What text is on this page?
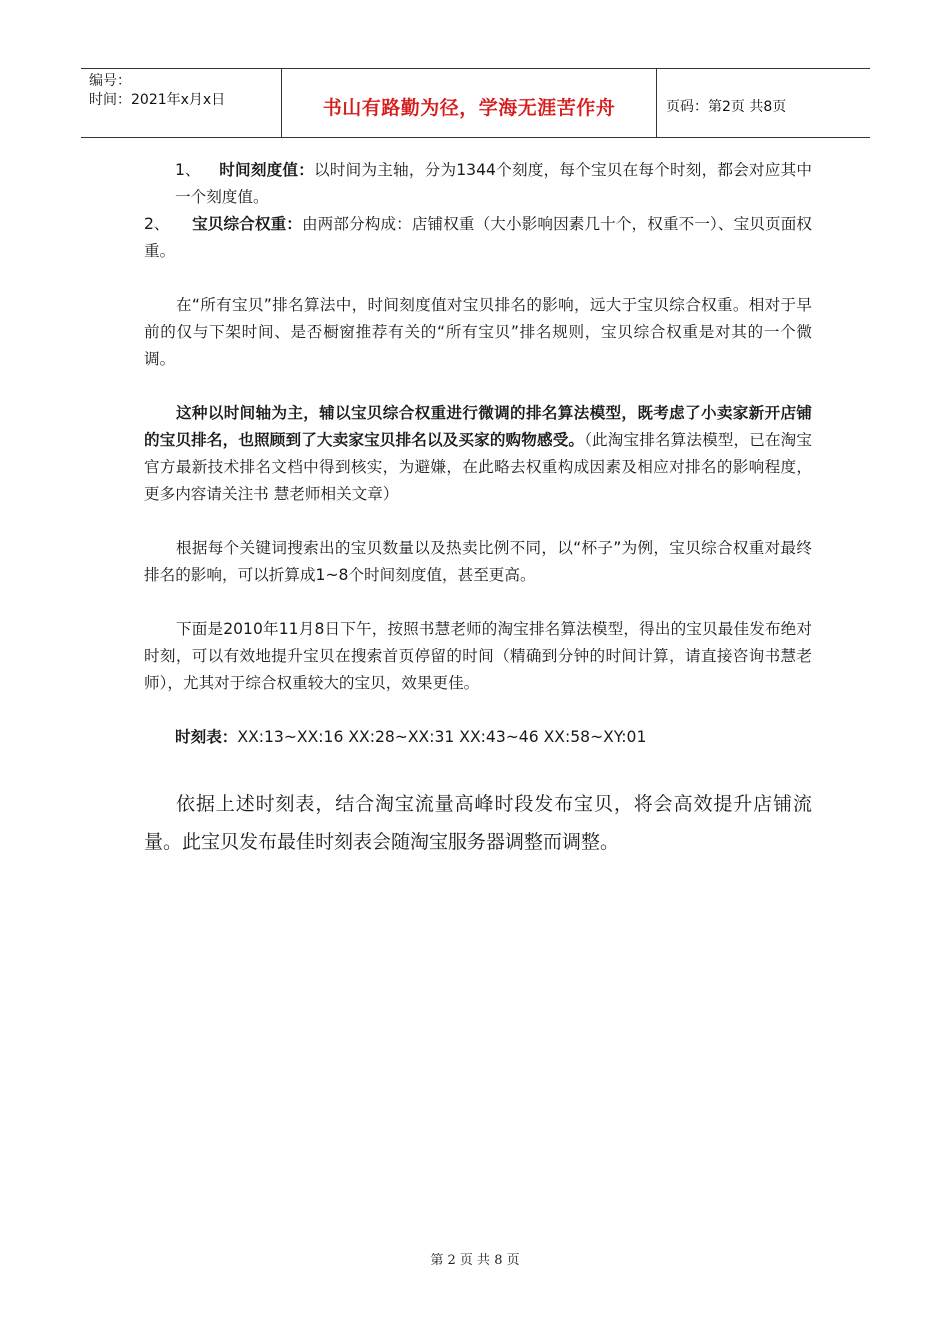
编号：
时间：2021年x月x日	书山有路勤为径，学海无涯苦作舟	页码：第2页 共8页

1、 时间刻度值：以时间为主轴，分为1344个刻度，每个宝贝在每个时刻，都会对应其中一个刻度值。

2、 宝贝综合权重：由两部分构成：店铺权重（大小影响因素几十个，权重不一）、宝贝页面权重。

在“所有宝贝”排名算法中，时间刻度值对宝贝排名的影响，远大于宝贝综合权重。相对于早前的仅与下架时间、是否橱窗推荐有关的“所有宝贝”排名规则，宝贝综合权重是对其的一个微调。

这种以时间轴为主，辅以宝贝综合权重进行微调的排名算法模型，既考虑了小卖家新开店铺的宝贝排名，也照顾到了大卖家宝贝排名以及买家的购物感受。（此淘宝排名算法模型，已在淘宝官方最新技术排名文档中得到核实，为避嫌，在此略去权重构成因素及相应对排名的影响程度，更多内容请关注书 慧老师相关文章）

根据每个关键词搜索出的宝贝数量以及热卖比例不同，以“杯子”为例，宝贝综合权重对最终排名的影响，可以折算成1~8个时间刻度值，甚至更高。

下面是2010年11月8日下午，按照书慧老师的淘宝排名算法模型，得出的宝贝最佳发布绝对时刻，可以有效地提升宝贝在搜索首页停留的时间（精确到分钟的时间计算，请直接咨询书慧老师），尤其对于综合权重较大的宝贝，效果更佳。

时刻表：XX:13~XX:16 XX:28~XX:31 XX:43~46 XX:58~XY:01

依据上述时刻表，结合淘宝流量高峰时段发布宝贝，将会高效提升店铺流量。此宝贝发布最佳时刻表会随淘宝服务器调整而调整。

第 2 页 共 8 页
